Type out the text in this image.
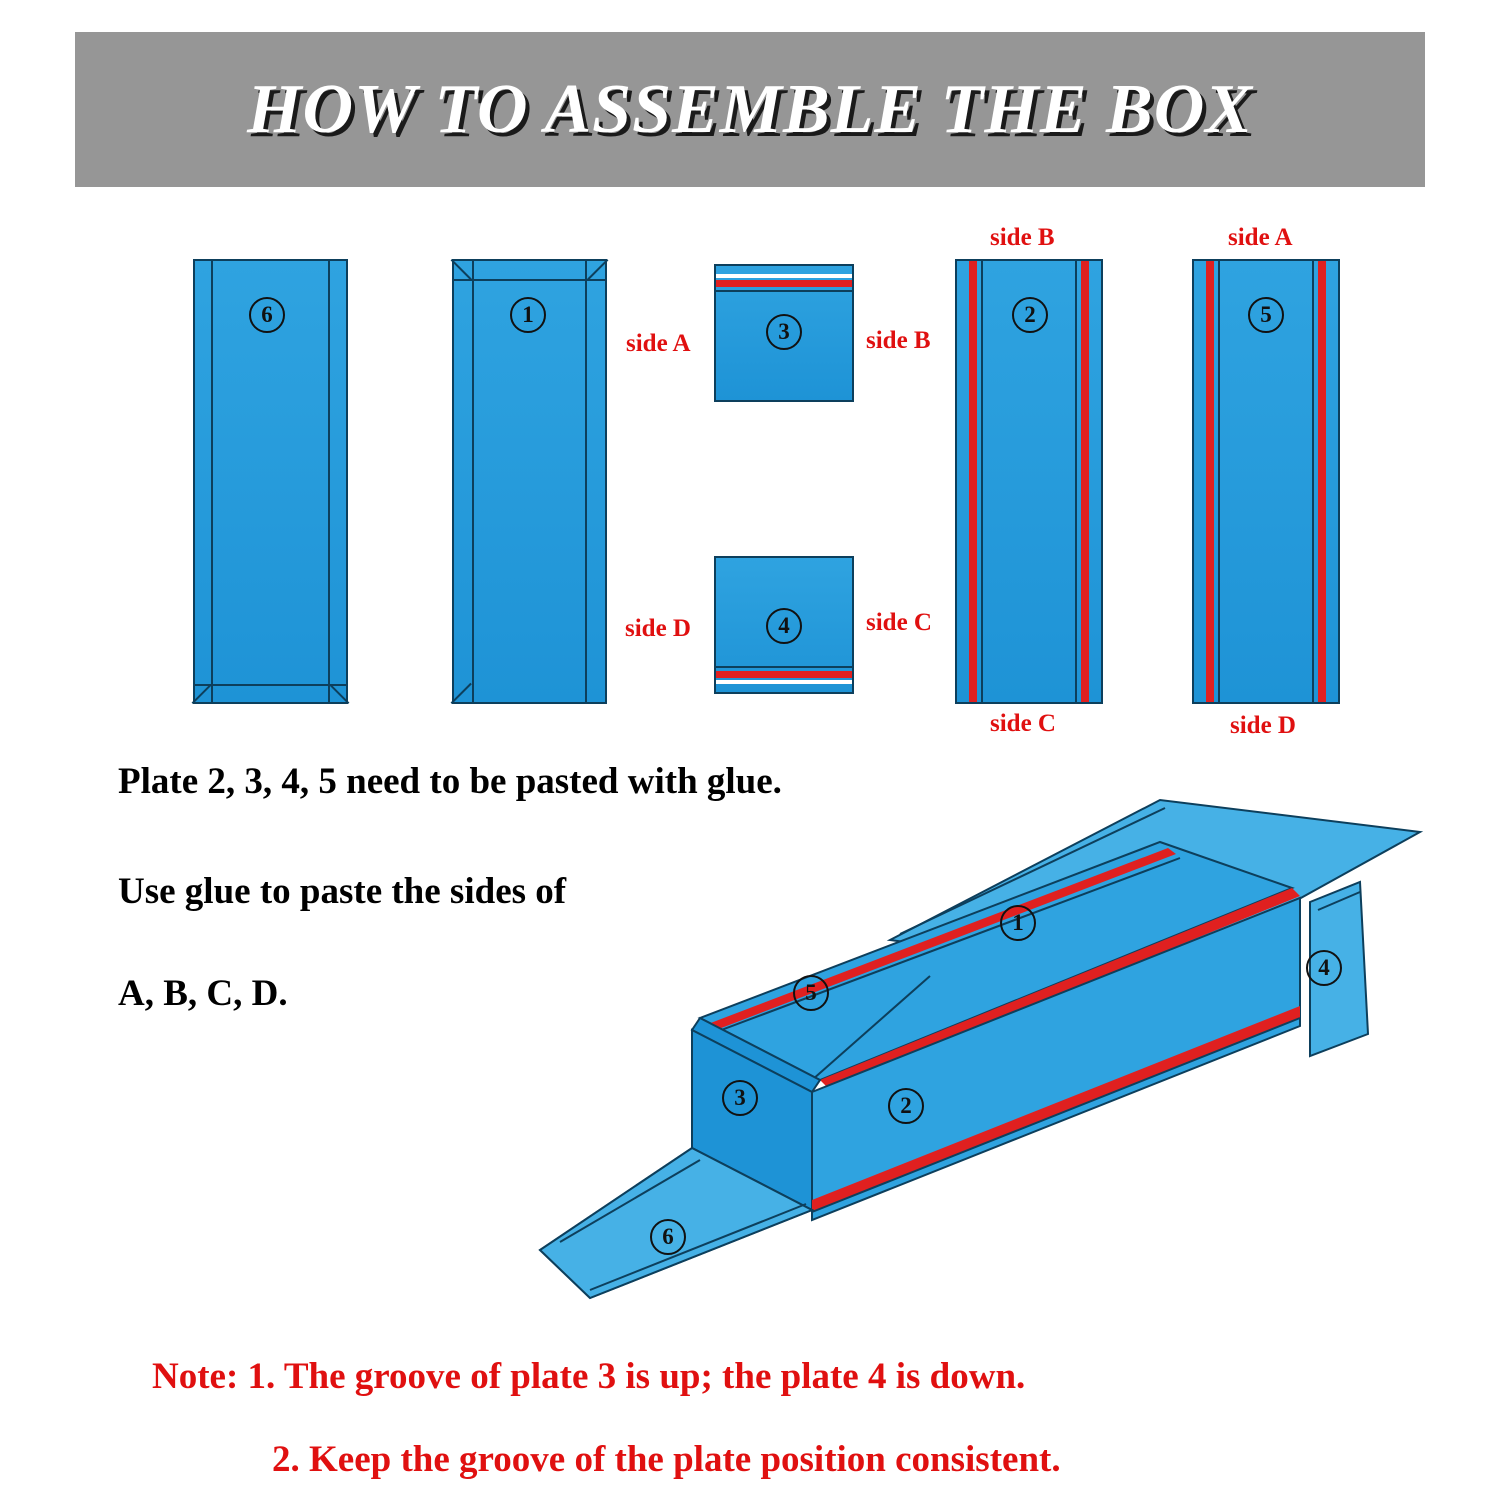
HOW TO ASSEMBLE THE BOX
6	1
3
side A	side B
4
side D	side C
2
side B
side C
5
side A
side D
Plate 2, 3, 4, 5 need to be pasted with glue.
Use glue to paste the sides of
A, B, C, D.
1
5
3	2
6
4
Note: 1. The groove of plate 3 is up; the plate 4 is down.
2. Keep the groove of the plate position consistent.
